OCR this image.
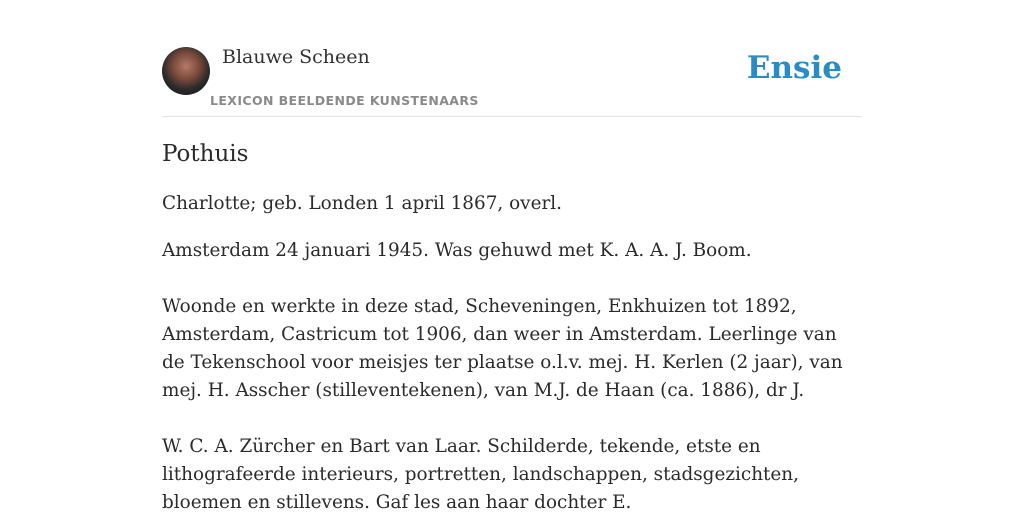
Blauwe Scheen
LEXICON BEELDENDE KUNSTENAARS
Ensie
Pothuis

Charlotte; geb. Londen 1 april 1867, overl.

Amsterdam 24 januari 1945. Was gehuwd met K. A. A. J. Boom.

Woonde en werkte in deze stad, Scheveningen, Enkhuizen tot 1892, Amsterdam, Castricum tot 1906, dan weer in Amsterdam. Leerlinge van de Tekenschool voor meisjes ter plaatse o.l.v. mej. H. Kerlen (2 jaar), van mej. H. Asscher (stilleventekenen), van M.J. de Haan (ca. 1886), dr J.

W. C. A. Zürcher en Bart van Laar. Schilderde, tekende, etste en lithografeerde interieurs, portretten, landschappen, stadsgezichten, bloemen en stillevens. Gaf les aan haar dochter E.
